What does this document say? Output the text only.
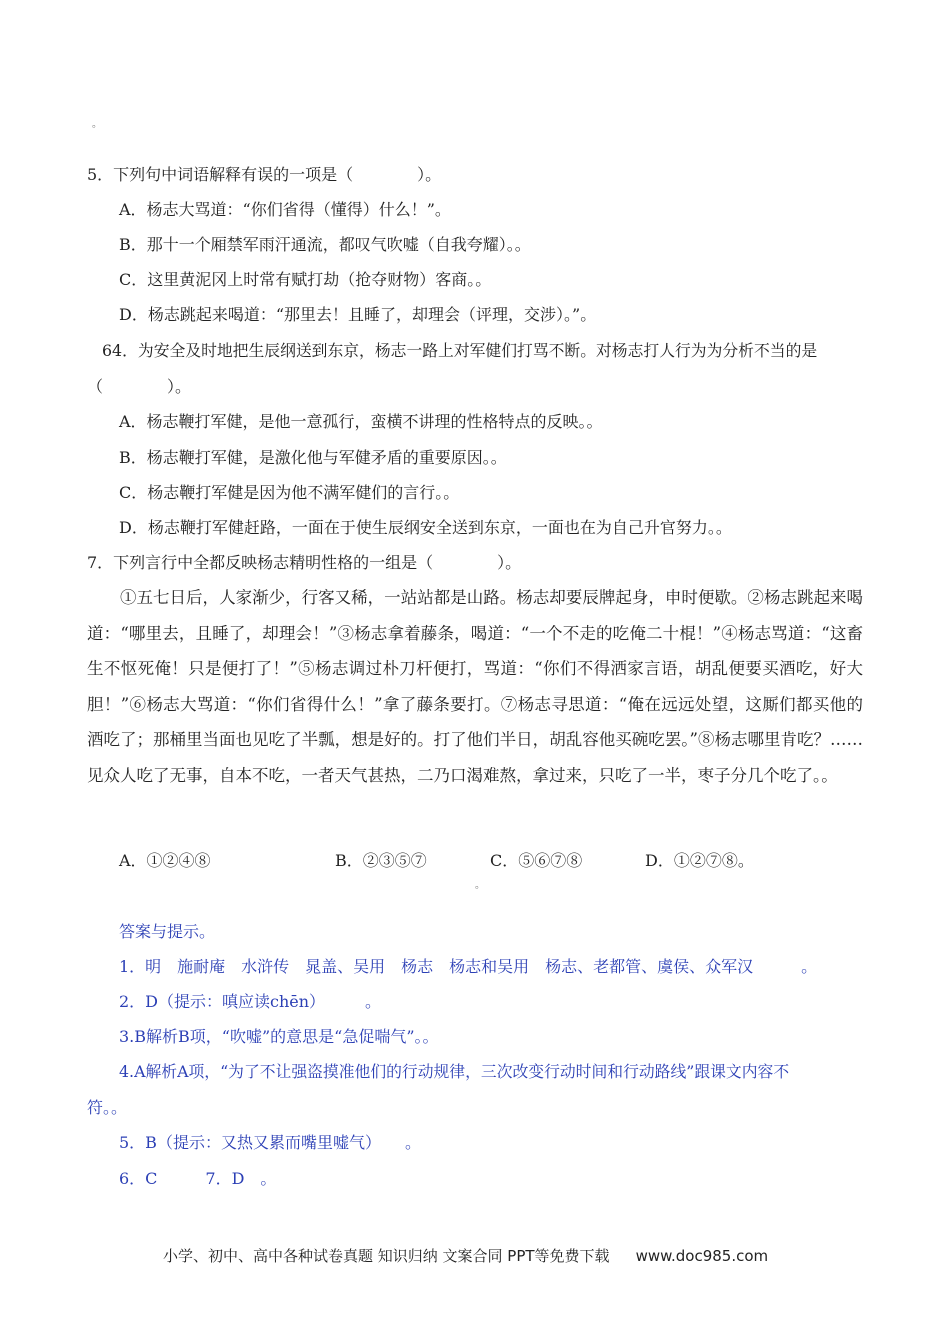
。
5．下列句中词语解释有误的一项是（　　　　）。
A．杨志大骂道：“你们省得（懂得）什么！”。
B．那十一个厢禁军雨汗通流，都叹气吹嘘（自我夸耀）。。
C．这里黄泥冈上时常有赋打劫（抢夺财物）客商。。
D．杨志跳起来喝道：“那里去！且睡了，却理会（评理，交涉）。”。
64．为安全及时地把生辰纲送到东京，杨志一路上对军健们打骂不断。对杨志打人行为为分析不当的是
（　　　　）。
A．杨志鞭打军健，是他一意孤行，蛮横不讲理的性格特点的反映。。
B．杨志鞭打军健，是激化他与军健矛盾的重要原因。。
C．杨志鞭打军健是因为他不满军健们的言行。。
D．杨志鞭打军健赶路，一面在于使生辰纲安全送到东京，一面也在为自己升官努力。。
7．下列言行中全都反映杨志精明性格的一组是（　　　　）。
①五七日后，人家渐少，行客又稀，一站站都是山路。杨志却要辰牌起身，申时便歇。②杨志跳起来喝道：“哪里去，且睡了，却理会！”③杨志拿着藤条，喝道：“一个不走的吃俺二十棍！”④杨志骂道：“这畜生不怄死俺！只是便打了！”⑤杨志调过朴刀杆便打，骂道：“你们不得洒家言语，胡乱便要买酒吃，好大胆！”⑥杨志大骂道：“你们省得什么！”拿了藤条要打。⑦杨志寻思道：“俺在远远处望，这厮们都买他的酒吃了；那桶里当面也见吃了半瓢，想是好的。打了他们半日，胡乱容他买碗吃罢。”⑧杨志哪里肯吃？……见众人吃了无事，自本不吃，一者天气甚热，二乃口渴难熬，拿过来，只吃了一半，枣子分几个吃了。。
A．①②④⑧	B．②③⑤⑦	C．⑤⑥⑦⑧	D．①②⑦⑧。
。
答案与提示。
1．明　施耐庵　水浒传　晁盖、吴用　杨志　杨志和吴用　杨志、老都管、虞侯、众军汉　　　。
2．D（提示：嗔应读chēn）　　　。
3.B解析B项，“吹嘘”的意思是“急促喘气”。。
4.A解析A项，“为了不让强盗摸准他们的行动规律，三次改变行动时间和行动路线”跟课文内容不
符。。
5．B（提示：又热又累而嘴里嘘气）　　。
6．C　　　7．D　。
小学、初中、高中各种试卷真题 知识归纳 文案合同 PPT等免费下载 www.doc985.com
